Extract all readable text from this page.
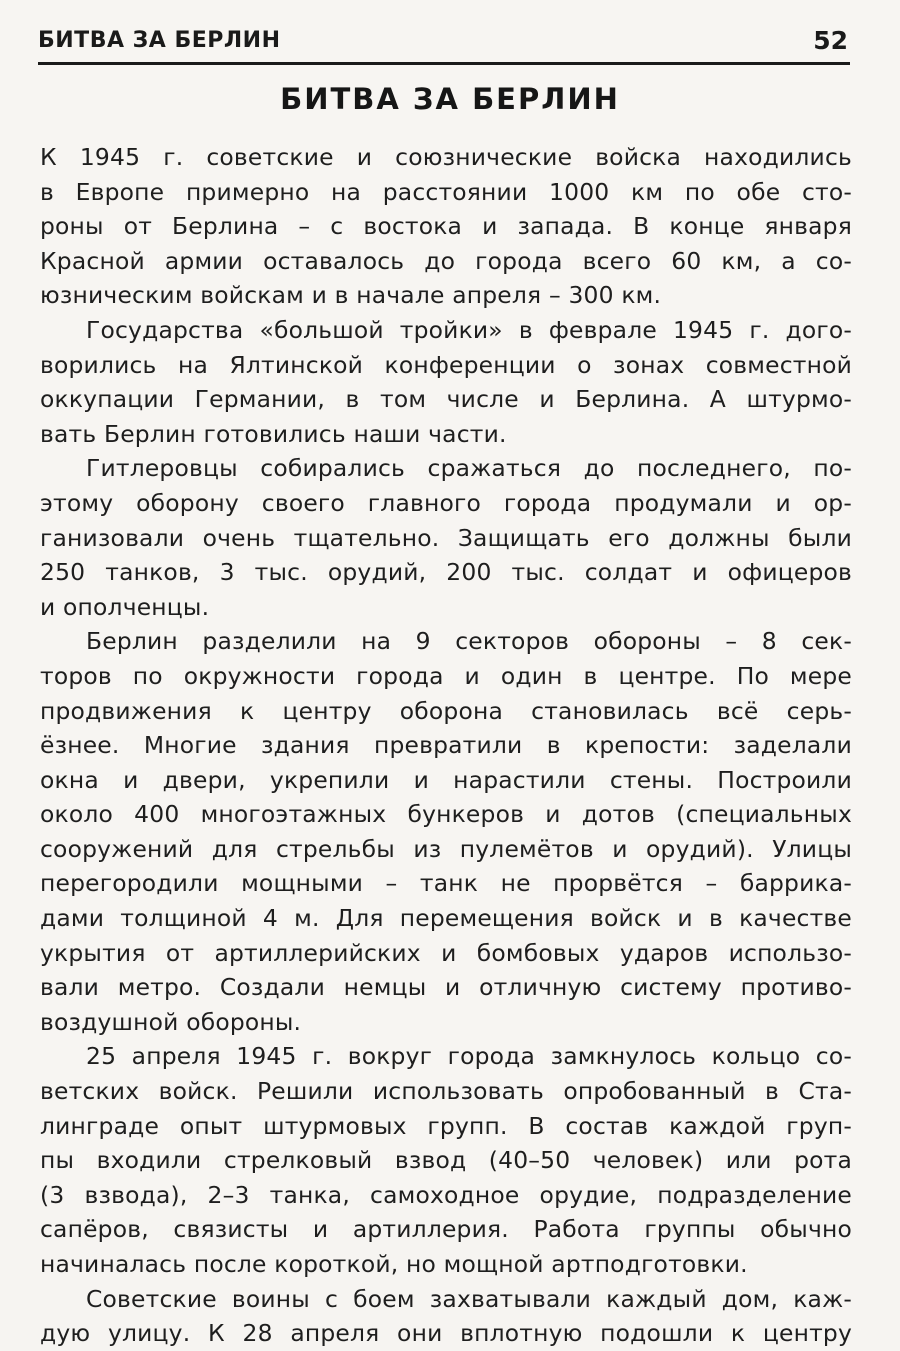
БИТВА ЗА БЕРЛИН	52
БИТВА ЗА БЕРЛИН
К 1945 г. советские и союзнические войска находились
в Европе примерно на расстоянии 1000 км по обе сто-
роны от Берлина – с востока и запада. В конце января
Красной армии оставалось до города всего 60 км, а со-
юзническим войскам и в начале апреля – 300 км.
Государства «большой тройки» в феврале 1945 г. дого-
ворились на Ялтинской конференции о зонах совместной
оккупации Германии, в том числе и Берлина. А штурмо-
вать Берлин готовились наши части.
Гитлеровцы собирались сражаться до последнего, по-
этому оборону своего главного города продумали и ор-
ганизовали очень тщательно. Защищать его должны были
250 танков, 3 тыс. орудий, 200 тыс. солдат и офицеров
и ополченцы.
Берлин разделили на 9 секторов обороны – 8 сек-
торов по окружности города и один в центре. По мере
продвижения к центру оборона становилась всё серь-
ёзнее. Многие здания превратили в крепости: заделали
окна и двери, укрепили и нарастили стены. Построили
около 400 многоэтажных бункеров и дотов (специальных
сооружений для стрельбы из пулемётов и орудий). Улицы
перегородили мощными – танк не прорвётся – баррика-
дами толщиной 4 м. Для перемещения войск и в качестве
укрытия от артиллерийских и бомбовых ударов использо-
вали метро. Создали немцы и отличную систему противо-
воздушной обороны.
25 апреля 1945 г. вокруг города замкнулось кольцо со-
ветских войск. Решили использовать опробованный в Ста-
линграде опыт штурмовых групп. В состав каждой груп-
пы входили стрелковый взвод (40–50 человек) или рота
(3 взвода), 2–3 танка, самоходное орудие, подразделение
сапёров, связисты и артиллерия. Работа группы обычно
начиналась после короткой, но мощной артподготовки.
Советские воины с боем захватывали каждый дом, каж-
дую улицу. К 28 апреля они вплотную подошли к центру
